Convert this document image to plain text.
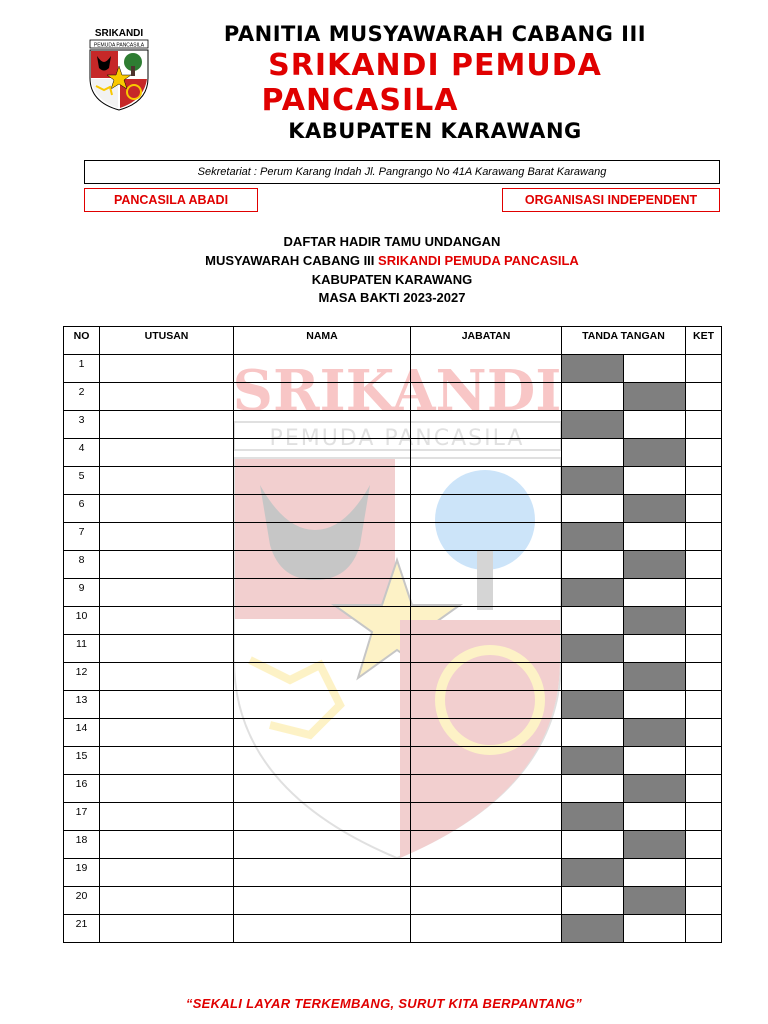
SRIKANDI
PEMUDA PANCASILA	PANITIA MUSYAWARAH CABANG III
SRIKANDI PEMUDA
PANCASILA
KABUPATEN KARAWANG
Sekretariat : Perum Karang Indah Jl. Pangrango No 41A Karawang Barat Karawang
PANCASILA ABADI	ORGANISASI INDEPENDENT
DAFTAR HADIR TAMU UNDANGAN
MUSYAWARAH CABANG III SRIKANDI PEMUDA PANCASILA
KABUPATEN KARAWANG
MASA BAKTI 2023-2027
SRIKANDI
PEMUDA PANCASILA
NO	UTUSAN	NAMA	JABATAN	TANDA TANGAN		KET
1						
2						
3						
4						
5						
6						
7						
8						
9						
10						
11						
12						
13						
14						
15						
16						
17						
18						
19						
20						
21						
“SEKALI LAYAR TERKEMBANG, SURUT KITA BERPANTANG”
